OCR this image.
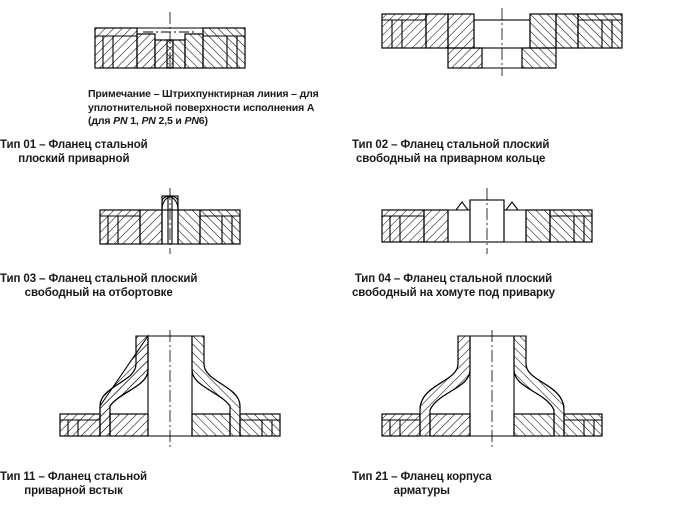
Примечание – Штрихпунктирная линия – для
уплотнительной поверхности исполнения A
(для PN 1, PN 2,5 и PN6)
Тип 01 – Фланец стальной
плоский приварной
Тип 02 – Фланец стальной плоский
свободный на приварном кольце
Тип 03 – Фланец стальной плоский
свободный на отбортовке
Тип 04 – Фланец стальной плоский
свободный на хомуте под приварку
Тип 11 – Фланец стальной
приварной встык
Тип 21 – Фланец корпуса
арматуры
